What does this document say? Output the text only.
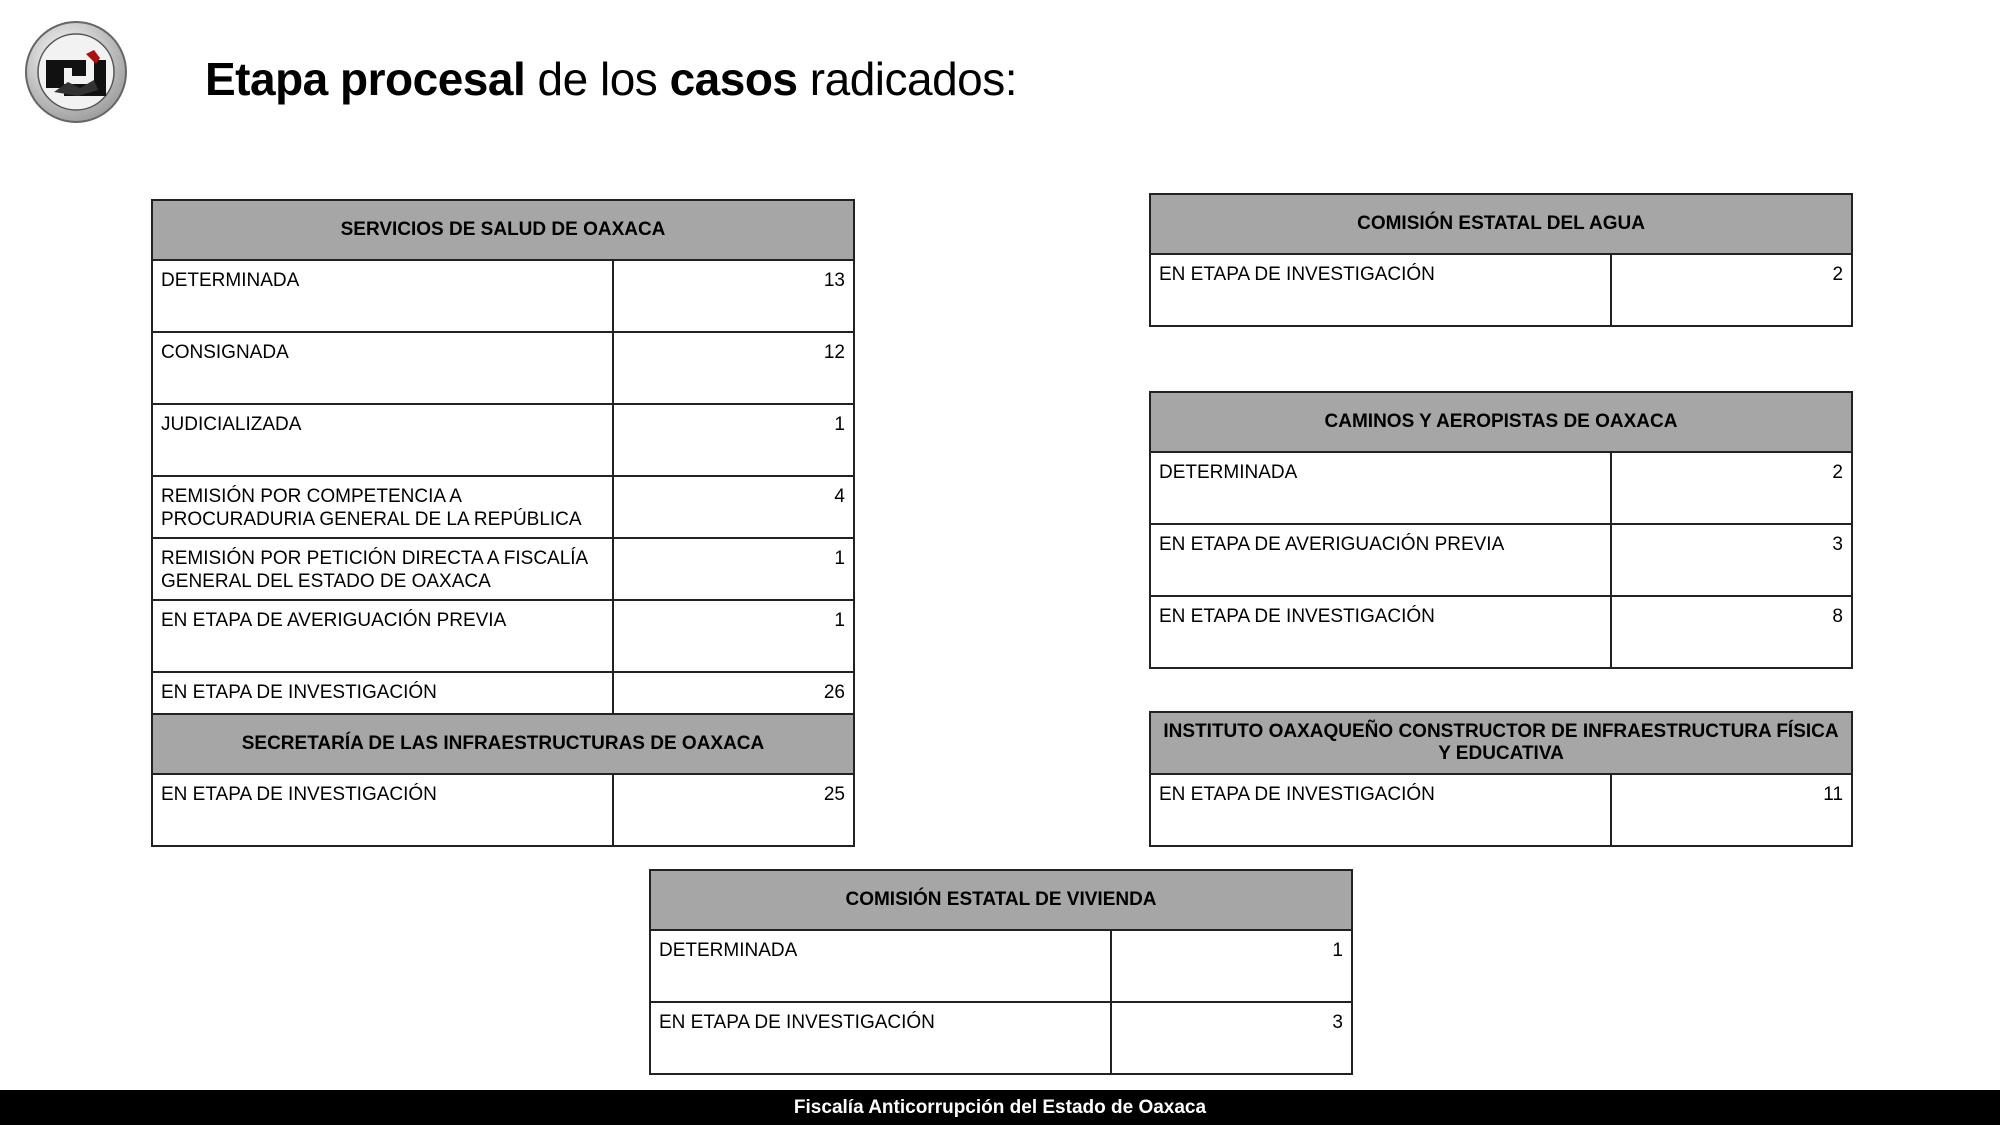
Etapa procesal de los casos radicados:
SERVICIOS DE SALUD DE OAXACA	
DETERMINADA	13
CONSIGNADA	12
JUDICIALIZADA	1
REMISIÓN POR COMPETENCIA A PROCURADURIA GENERAL DE LA REPÚBLICA	4
REMISIÓN POR PETICIÓN DIRECTA A FISCALÍA GENERAL DEL ESTADO DE OAXACA	1
EN ETAPA DE AVERIGUACIÓN PREVIA	1
EN ETAPA DE INVESTIGACIÓN	26
SECRETARÍA DE LAS INFRAESTRUCTURAS DE OAXACA
EN ETAPA DE INVESTIGACIÓN	25
COMISIÓN ESTATAL DEL AGUA
EN ETAPA DE INVESTIGACIÓN	2
CAMINOS Y AEROPISTAS DE OAXACA	
DETERMINADA	2
EN ETAPA DE AVERIGUACIÓN PREVIA	3
EN ETAPA DE INVESTIGACIÓN	8
INSTITUTO OAXAQUEÑO CONSTRUCTOR DE INFRAESTRUCTURA FÍSICA Y EDUCATIVA
EN ETAPA DE INVESTIGACIÓN	11
COMISIÓN ESTATAL DE VIVIENDA	
DETERMINADA	1
EN ETAPA DE INVESTIGACIÓN	3
Fiscalía Anticorrupción del Estado de Oaxaca
